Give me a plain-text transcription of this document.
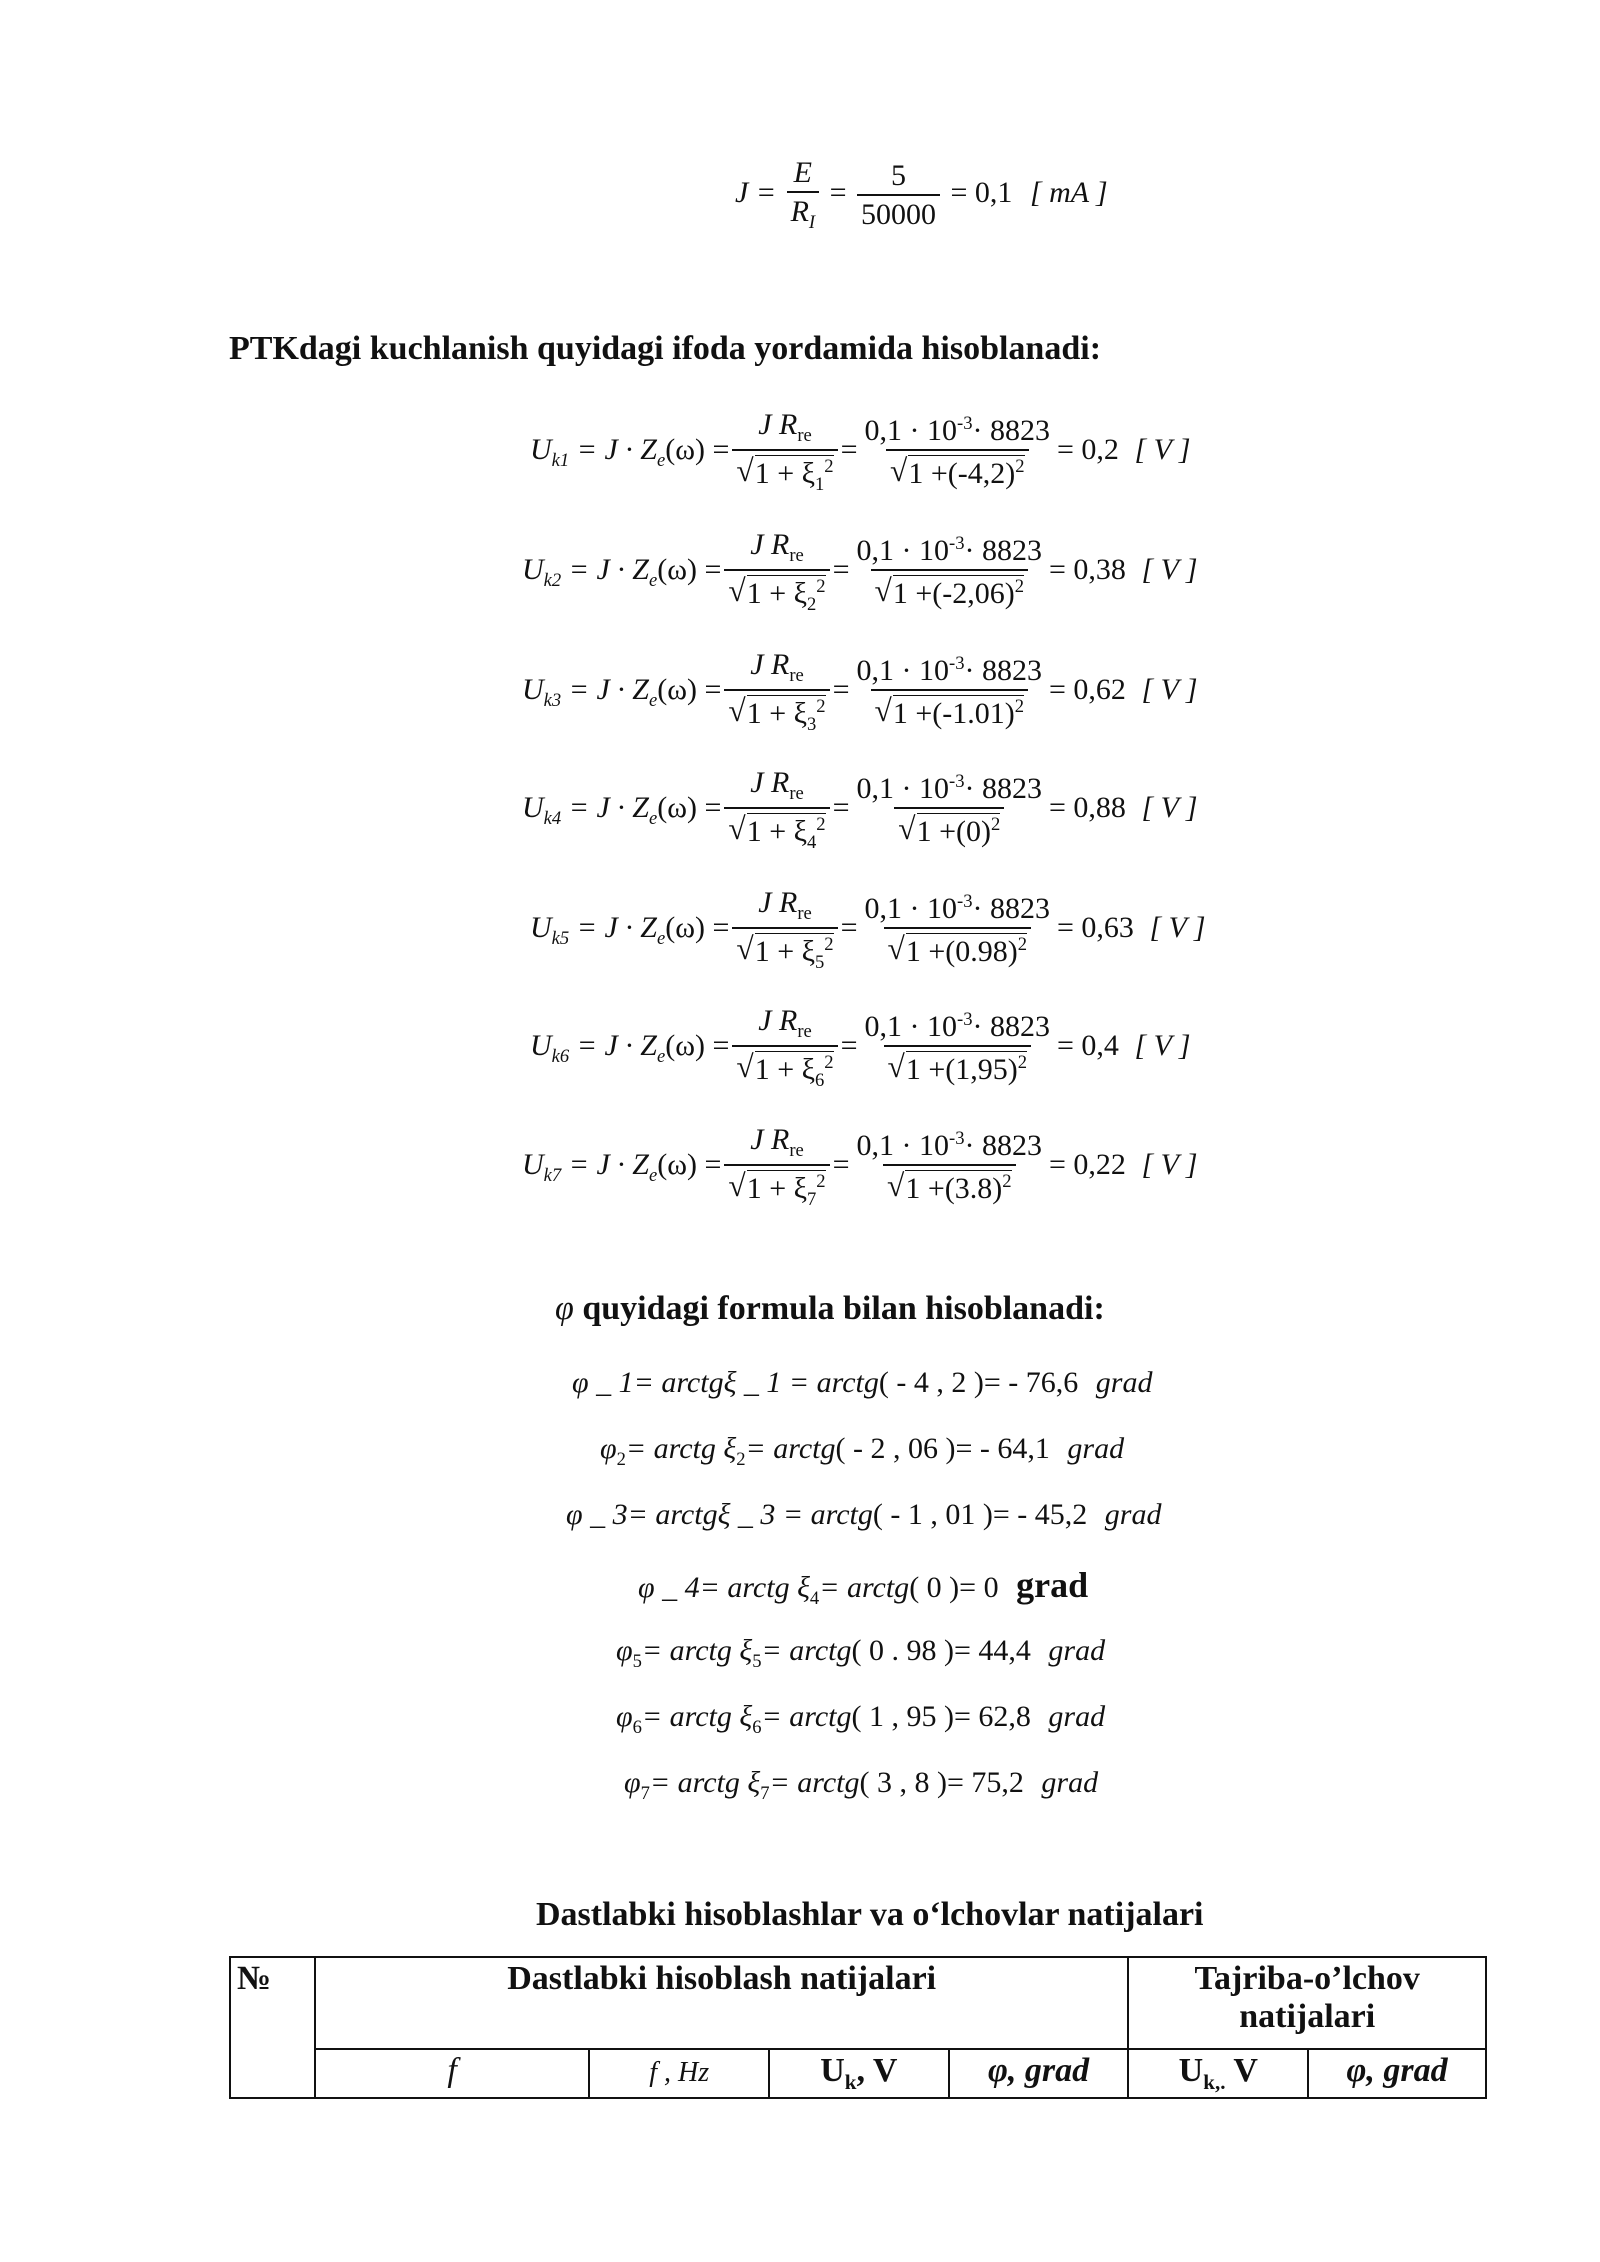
$J = \frac{E}{R_I} = \frac{5}{50000} = 0,1$ [ mA ]
PTKdagi kuchlanish quyidagi ifoda yordamida hisoblanadi:
$U_{k1} = J \cdot Z_e(\omega) = \frac{J R_{re}}{√ 1 + \xi_1^2} = \frac{0,1 \cdot 10^{-3}\cdot 8823}{√ 1 +(-4,2)^2} = 0,2$ [ V ]
$U_{k2} = J \cdot Z_e(\omega) = \frac{J R_{re}}{√ 1 + \xi_2^2} = \frac{0,1 \cdot 10^{-3}\cdot 8823}{√ 1 +(-2,06)^2} = 0,38$ [ V ]
$U_{k3} = J \cdot Z_e(\omega) = \frac{J R_{re}}{√ 1 + \xi_3^2} = \frac{0,1 \cdot 10^{-3}\cdot 8823}{√ 1 +(-1.01)^2} = 0,62$ [ V ]
$U_{k4} = J \cdot Z_e(\omega) = \frac{J R_{re}}{√ 1 + \xi_4^2} = \frac{0,1 \cdot 10^{-3}\cdot 8823}{√ 1 +(0)^2} = 0,88$ [ V ]
$U_{k5} = J \cdot Z_e(\omega) = \frac{J R_{re}}{√ 1 + \xi_5^2} = \frac{0,1 \cdot 10^{-3}\cdot 8823}{√ 1 +(0.98)^2} = 0,63$ [ V ]
$U_{k6} = J \cdot Z_e(\omega) = \frac{J R_{re}}{√ 1 + \xi_6^2} = \frac{0,1 \cdot 10^{-3}\cdot 8823}{√ 1 +(1,95)^2} = 0,4$ [ V ]
$U_{k7} = J \cdot Z_e(\omega) = \frac{J R_{re}}{√ 1 + \xi_7^2} = \frac{0,1 \cdot 10^{-3}\cdot 8823}{√ 1 +(3.8)^2} = 0,22$ [ V ]
φ quyidagi formula bilan hisoblanadi:
φ _ 1= arctgξ _ 1 = arctg( - 4 , 2 )= - 76,6 grad
$\varphi_2=$ arctg $\xi_2=$ arctg( - 2 , 06 )= - 64,1 grad
φ _ 3= arctgξ _ 3 = arctg( - 1 , 01 )= - 45,2 grad
φ _ 4= arctg $\xi_4=$ arctg( 0 )= 0 grad
$\varphi_5=$ arctg $\xi_5=$ arctg( 0 . 98 )= 44,4 grad
$\varphi_6=$ arctg $\xi_6=$ arctg( 1 , 95 )= 62,8 grad
$\varphi_7=$ arctg $\xi_7=$ arctg( 3 , 8 )= 75,2 grad
Dastlabki hisoblashlar va o‘lchovlar natijalari
№	Dastlabki hisoblash natijalari				Tajriba-o’lchov natijalari	
	f	f , Hz	$U_k$, V	φ, grad	$U_{k,.}$ V	φ, grad
